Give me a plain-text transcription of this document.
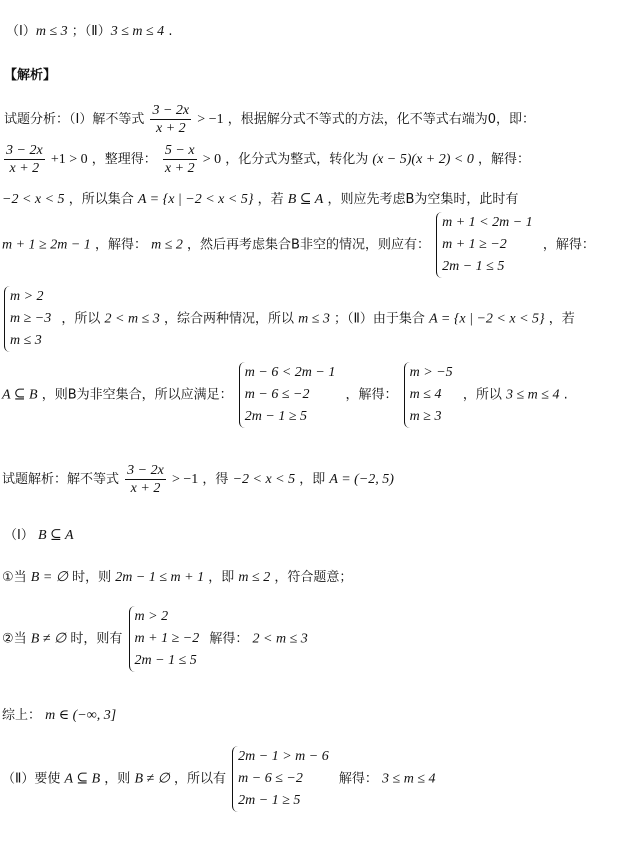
（Ⅰ）m ≤ 3 ；（Ⅱ）3 ≤ m ≤ 4 .
【解析】
试题分析：（Ⅰ）解不等式 $\frac{3 - 2x}{x + 2} > -1$ ，根据解分式不等式的方法，化不等式右端为0，即：
$\frac{3 - 2x}{x + 2} +1 > 0$ ，整理得： $\frac{5 - x}{x + 2} > 0$ ，化分式为整式，转化为 (x − 5)(x + 2) < 0 ，解得：
−2 < x < 5 ，所以集合 A = {x | −2 < x < 5} ，若 B ⊆ A ，则应先考虑B为空集时，此时有
m + 1 ≥ 2m − 1 ，解得： m ≤ 2 ，然后再考虑集合B非空的情况，则应有：
m + 1 < 2m − 1
m + 1 ≥ −2
2m − 1 ≤ 5
，解得：
m > 2
m ≥ −3
m ≤ 3
，所以 2 < m ≤ 3 ，综合两种情况，所以 m ≤ 3 ；（Ⅱ）由于集合 A = {x | −2 < x < 5} ，若
A ⊆ B ，则B为非空集合，所以应满足：
m − 6 < 2m − 1
m − 6 ≤ −2
2m − 1 ≥ 5
，解得：
m > −5
m ≤ 4
m ≥ 3
，所以 3 ≤ m ≤ 4 .
试题解析：解不等式 $\frac{3 - 2x}{x + 2} > -1$ ，得 −2 < x < 5 ，即 A = (−2, 5)
（Ⅰ） B ⊆ A
①当 B = ∅ 时，则 2m − 1 ≤ m + 1 ，即 m ≤ 2 ，符合题意；
②当 B ≠ ∅ 时，则有
m > 2
m + 1 ≥ −2
2m − 1 ≤ 5
解得： 2 < m ≤ 3
综上： m ∈ (−∞, 3]
（Ⅱ）要使 A ⊆ B ，则 B ≠ ∅ ，所以有
2m − 1 > m − 6
m − 6 ≤ −2
2m − 1 ≥ 5
解得： 3 ≤ m ≤ 4
